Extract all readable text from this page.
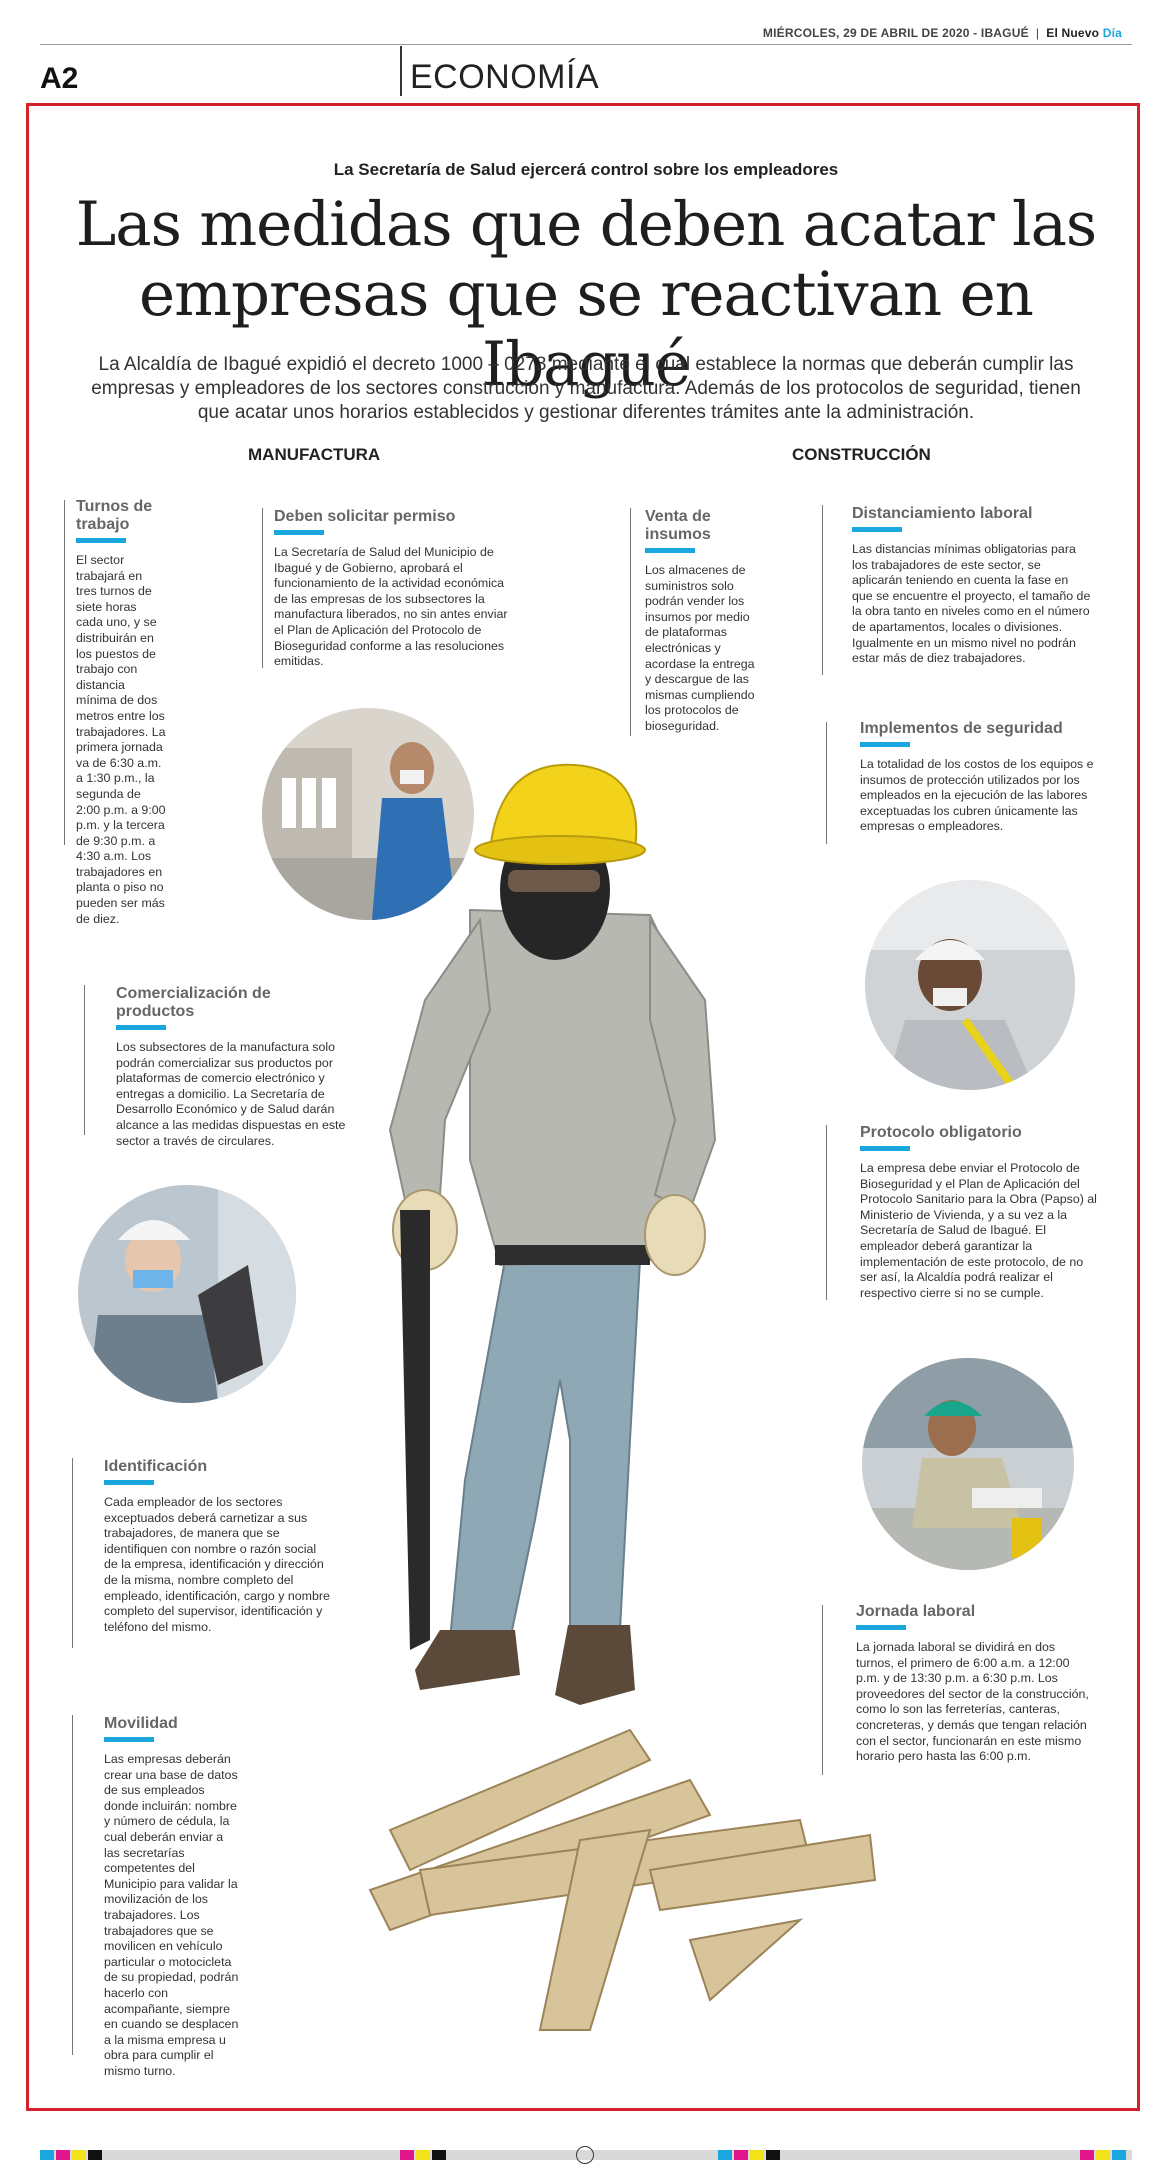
MIÉRCOLES, 29 DE ABRIL DE 2020 - IBAGUÉ  |  El Nuevo Día
A2	ECONOMÍA
La Secretaría de Salud ejercerá control sobre los empleadores
Las medidas que deben acatar las
empresas que se reactivan en Ibagué
La Alcaldía de Ibagué expidió el decreto 1000 – 0273 mediante el cual establece la normas que deberán cumplir las empresas y empleadores de los sectores construcción y manufactura. Además de los protocolos de seguridad, tienen que acatar unos horarios establecidos y gestionar diferentes trámites ante la administración.
MANUFACTURA	CONSTRUCCIÓN
Turnos de trabajo
El sector trabajará en tres turnos de siete horas cada uno, y se distribuirán en los puestos de trabajo con distancia mínima de dos metros entre los trabajadores. La primera jornada va de 6:30 a.m. a 1:30 p.m., la segunda de 2:00 p.m. a 9:00 p.m. y la tercera de 9:30 p.m. a 4:30 a.m. Los trabajadores en planta o piso no pueden ser más de diez.
Deben solicitar permiso
La Secretaría de Salud del Municipio de Ibagué y de Gobierno, aprobará el funcionamiento de la actividad económica de las empresas de los subsectores la manufactura liberados, no sin antes enviar el Plan de Aplicación del Protocolo de Bioseguridad conforme a las resoluciones emitidas.
Venta de insumos
Los almacenes de suministros solo podrán vender los insumos por medio de plataformas electrónicas y acordase la entrega y descargue de las mismas cumpliendo los protocolos de bioseguridad.
Distanciamiento laboral
Las distancias mínimas obligatorias para los trabajadores de este sector, se aplicarán teniendo en cuenta la fase en que se encuentre el proyecto, el tamaño de la obra tanto en niveles como en el número de apartamentos, locales o divisiones. Igualmente en un mismo nivel no podrán estar más de diez trabajadores.
Implementos de seguridad
La totalidad de los costos de los equipos e insumos de protección utilizados por los empleados en la ejecución de las labores exceptuadas los cubren únicamente las empresas o empleadores.
Comercialización de productos
Los subsectores de la manufactura solo podrán comercializar sus productos por plataformas de comercio electrónico y entregas a domicilio. La Secretaría de Desarrollo Económico y de Salud darán alcance a las medidas dispuestas en este sector a través de circulares.	Protocolo obligatorio
La empresa debe enviar el Protocolo de Bioseguridad y el Plan de Aplicación del Protocolo Sanitario para la Obra (Papso) al Ministerio de Vivienda, y a su vez a la Secretaría de Salud de Ibagué. El empleador deberá garantizar la implementación de este protocolo, de no ser así, la Alcaldía podrá realizar el respectivo cierre si no se cumple.
Identificación
Cada empleador de los sectores exceptuados deberá carnetizar a sus trabajadores, de manera que se identifiquen con nombre o razón social de la empresa, identificación y dirección de la misma, nombre completo del empleado, identificación, cargo y nombre completo del supervisor, identificación y teléfono del mismo.
Jornada laboral
La jornada laboral se dividirá en dos turnos, el primero de 6:00 a.m. a 12:00 p.m. y de 13:30 p.m. a 6:30 p.m. Los proveedores del sector de la construcción, como lo son las ferreterías, canteras, concreteras, y demás que tengan relación con el sector, funcionarán en este mismo horario pero hasta las 6:00 p.m.
Movilidad
Las empresas deberán crear una base de datos de sus empleados donde incluirán: nombre y número de cédula, la cual deberán enviar a las secretarías competentes del Municipio para validar la movilización de los trabajadores. Los trabajadores que se movilicen en vehículo particular o motocicleta de su propiedad, podrán hacerlo con acompañante, siempre en cuando se desplacen a la misma empresa u obra para cumplir el mismo turno.
